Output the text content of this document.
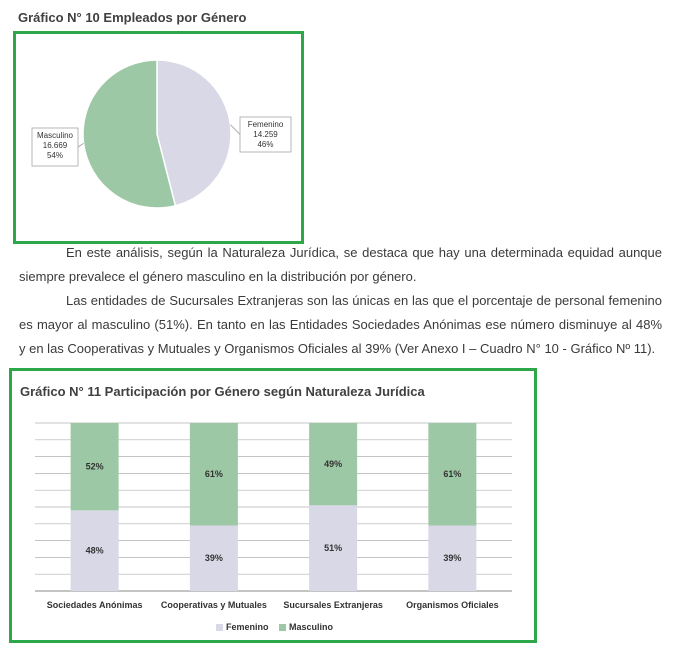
Gráfico N° 10 Empleados por Género
En este análisis, según la Naturaleza Jurídica, se destaca que hay una determinada equidad aunque siempre prevalece el género masculino en la distribución por género.
Las entidades de Sucursales Extranjeras son las únicas en las que el porcentaje de personal femenino es mayor al masculino (51%). En tanto en las Entidades Sociedades Anónimas ese número disminuye al 48% y en las Cooperativas y Mutuales y Organismos Oficiales al 39% (Ver Anexo I – Cuadro N° 10 - Gráfico Nº 11).
Gráfico N° 11 Participación por Género según Naturaleza Jurídica
Femenino
14.259
46%
Masculino
16.669
54%
48%
52%
Sociedades Anónimas
39%
61%
Cooperativas y Mutuales
51%
49%
Sucursales Extranjeras
39%
61%
Organismos Oficiales
Femenino Masculino
